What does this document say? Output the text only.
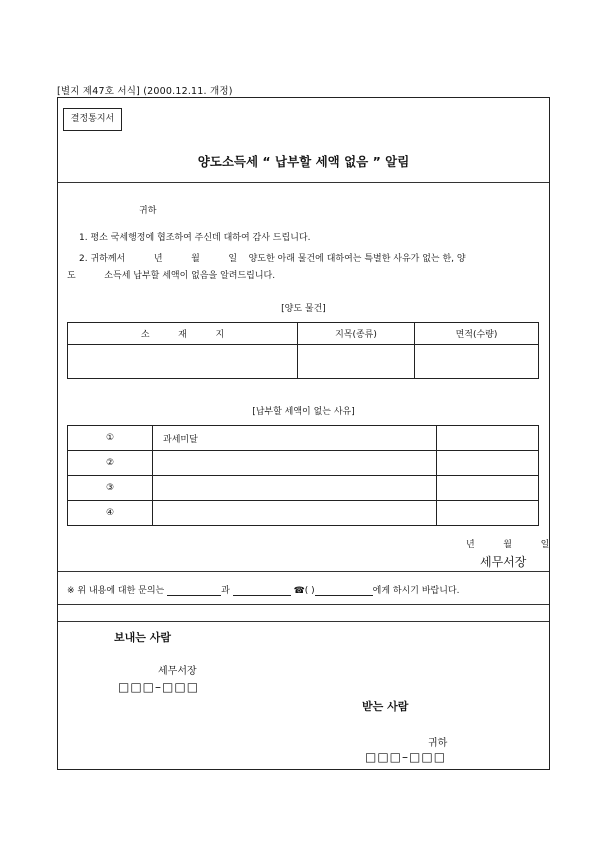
[별지 제47호 서식] (2000.12.11. 개정)
결정통지서
양도소득세 “ 납부할 세액 없음 ” 알림
귀하
1. 평소 국세행정에 협조하여 주신데 대하여 감사 드립니다.
2. 귀하께서          년          월          일    양도한 아래 물건에 대하여는 특별한 사유가 없는 한, 양
도          소득세 납부할 세액이 없음을 알려드립니다.
[양도 물건]
소          재          지	지목(종류)	면적(수량)

[납부할 세액이 없는 사유]
①	과세미달	
②		
③		
④		
년          월          일
세무서장
※ 위 내용에 대한 문의는	과	☎( )	에게 하시기 바랍니다.
보내는 사람
세무서장
□□□–□□□
받는 사람
귀하
□□□–□□□
